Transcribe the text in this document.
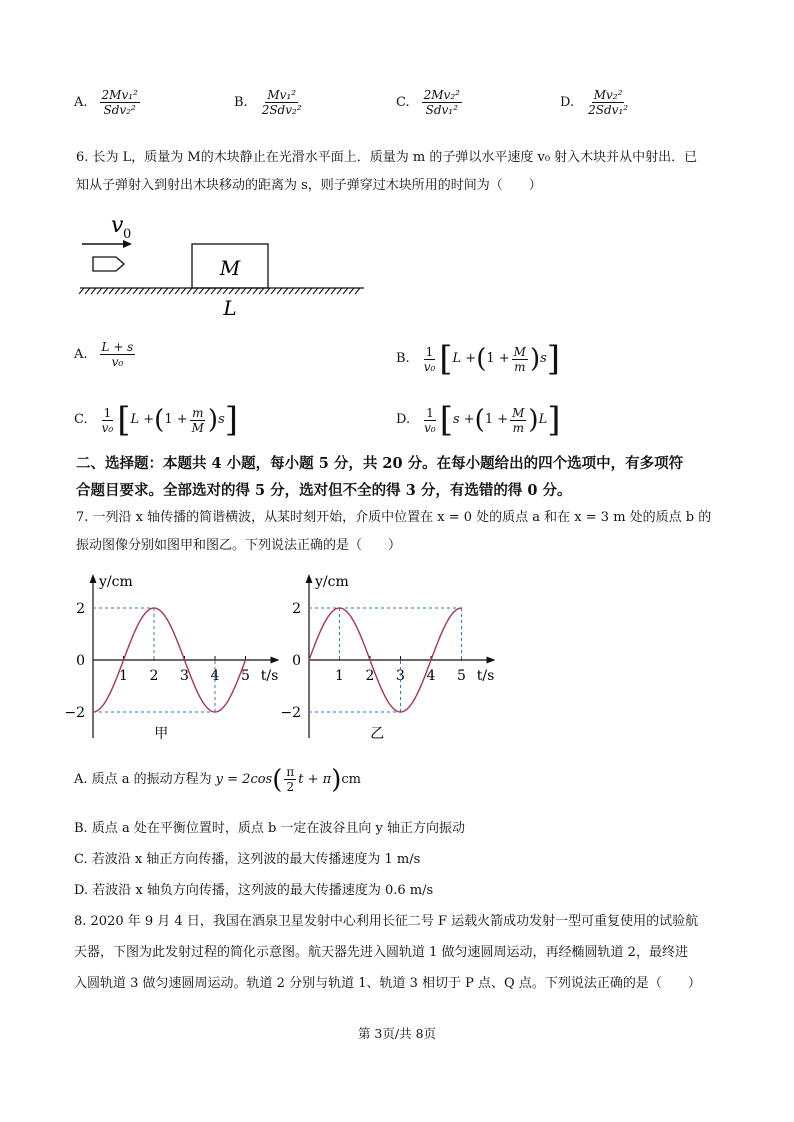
A. $\frac{\text{2Mv₁²}}{\text{Sdv₂²}}$	B. $\frac{\text{Mv₁²}}{\text{2Sdv₂²}}$	C. $\frac{\text{2Mv₂²}}{\text{Sdv₁²}}$	D. $\frac{\text{Mv₂²}}{\text{2Sdv₁²}}$
6. 长为 L，质量为 M的木块静止在光滑水平面上．质量为 m 的子弹以水平速度 v₀ 射入木块并从中射出．已
知从子弹射入到射出木块移动的距离为 s，则子弹穿过木块所用的时间为（　　）
v 0
M
L
A. $\frac{L + s}{\text{v₀}}$	B. $\frac{1}{\text{v₀}}$ [ L + ( $1 + \frac{M}{m}$ ) s ]
C. $\frac{1}{\text{v₀}}$ [ L + ( $1 + \frac{m}{M}$ ) s ]	D. $\frac{1}{\text{v₀}}$ [ s + ( $1 + \frac{M}{m}$ ) L ]
二、选择题：本题共 4 小题，每小题 5 分，共 20 分。在每小题给出的四个选项中，有多项符
合题目要求。全部选对的得 5 分，选对但不全的得 3 分，有选错的得 0 分。
7. 一列沿 x 轴传播的简谐横波，从某时刻开始，介质中位置在 x = 0 处的质点 a 和在 x = 3 m 处的质点 b 的
振动图像分别如图甲和图乙。下列说法正确的是（　　）
y/cm
t/s
2
0
−2
1 2 3 4 5
甲
y/cm
t/s
2
0
−2
1 2 3 4 5
乙
A. 质点 a 的振动方程为 y = 2cos ( $\frac{\pi}{2}$ t + π ) cm
B. 质点 a 处在平衡位置时，质点 b 一定在波谷且向 y 轴正方向振动
C. 若波沿 x 轴正方向传播，这列波的最大传播速度为 1 m/s
D. 若波沿 x 轴负方向传播，这列波的最大传播速度为 0.6 m/s
8. 2020 年 9 月 4 日，我国在酒泉卫星发射中心利用长征二号 F 运载火箭成功发射一型可重复使用的试验航
天器，下图为此发射过程的简化示意图。航天器先进入圆轨道 1 做匀速圆周运动，再经椭圆轨道 2，最终进
入圆轨道 3 做匀速圆周运动。轨道 2 分别与轨道 1、轨道 3 相切于 P 点、Q 点。下列说法正确的是（　　）
第 3页/共 8页
